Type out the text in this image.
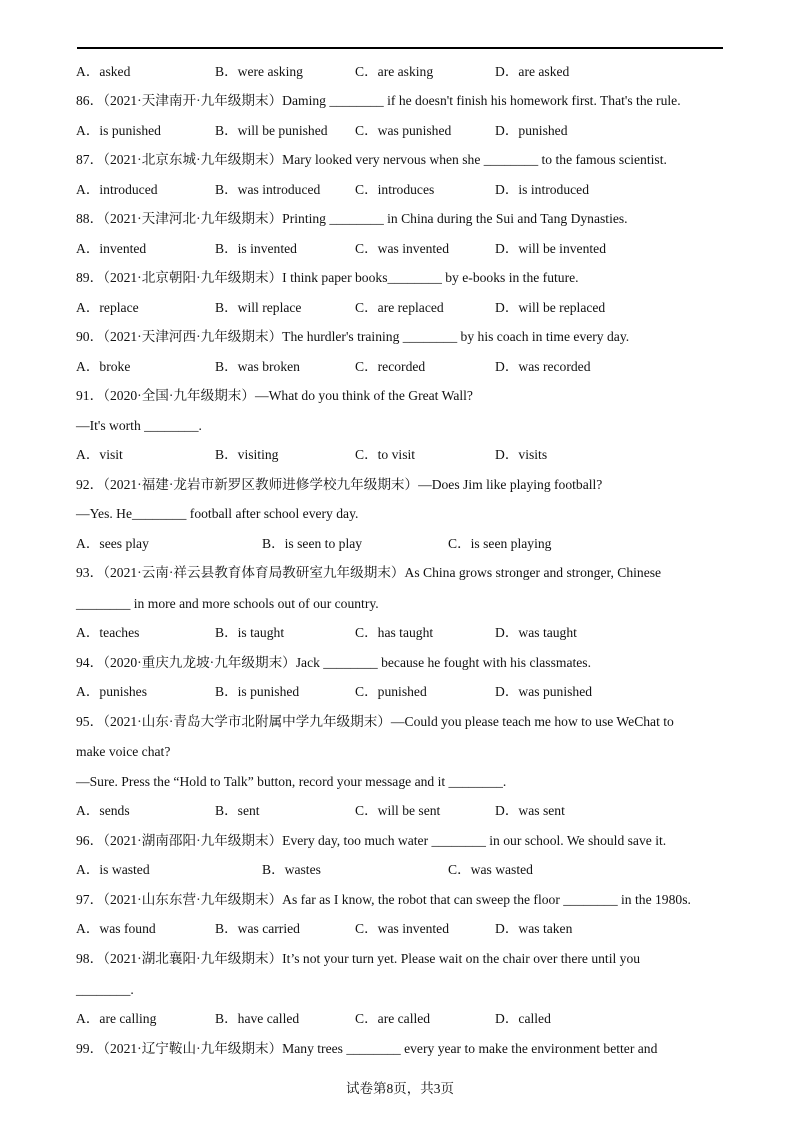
A．asked	B．were asking	C．are asking	D．are asked
86．（2021·天津南开·九年级期末）Daming ________ if he doesn't finish his homework first. That's the rule.
A．is punished	B．will be punished C．was punished	D．punished
87．（2021·北京东城·九年级期末）Mary looked very nervous when she ________ to the famous scientist.
A．introduced	B．was introduced	C．introduces	D．is introduced
88．（2021·天津河北·九年级期末）Printing ________ in China during the Sui and Tang Dynasties.
A．invented	B．is invented	C．was invented	D．will be invented
89．（2021·北京朝阳·九年级期末）I think paper books________ by e-books in the future.
A．replace	B．will replace	C．are replaced	D．will be replaced
90．（2021·天津河西·九年级期末）The hurdler's training ________ by his coach in time every day.
A．broke	B．was broken	C．recorded	D．was recorded
91．（2020·全国·九年级期末）—What do you think of the Great Wall?
—It's worth ________.
A．visit	B．visiting	C．to visit	D．visits
92．（2021·福建·龙岩市新罗区教师进修学校九年级期末）—Does Jim like playing football?
—Yes. He________ football after school every day.
A．sees play	B．is seen to play	C．is seen playing
93．（2021·云南·祥云县教育体育局教研室九年级期末）As China grows stronger and stronger, Chinese
________ in more and more schools out of our country.
A．teaches	B．is taught	C．has taught	D．was taught
94．（2020·重庆九龙坡·九年级期末）Jack ________ because he fought with his classmates.
A．punishes	B．is punished	C．punished	D．was punished
95．（2021·山东·青岛大学市北附属中学九年级期末）—Could you please teach me how to use WeChat to
make voice chat?
—Sure. Press the “Hold to Talk” button, record your message and it ________.
A．sends	B．sent	C．will be sent	D．was sent
96．（2021·湖南邵阳·九年级期末）Every day, too much water ________ in our school. We should save it.
A．is wasted	B．wastes	C．was wasted
97．（2021·山东东营·九年级期末）As far as I know, the robot that can sweep the floor ________ in the 1980s.
A．was found	B．was carried	C．was invented	D．was taken
98．（2021·湖北襄阳·九年级期末）It’s not your turn yet. Please wait on the chair over there until you
________.
A．are calling	B．have called	C．are called	D．called
99．（2021·辽宁鞍山·九年级期末）Many trees ________ every year to make the environment better and
试卷第8页，共3页
